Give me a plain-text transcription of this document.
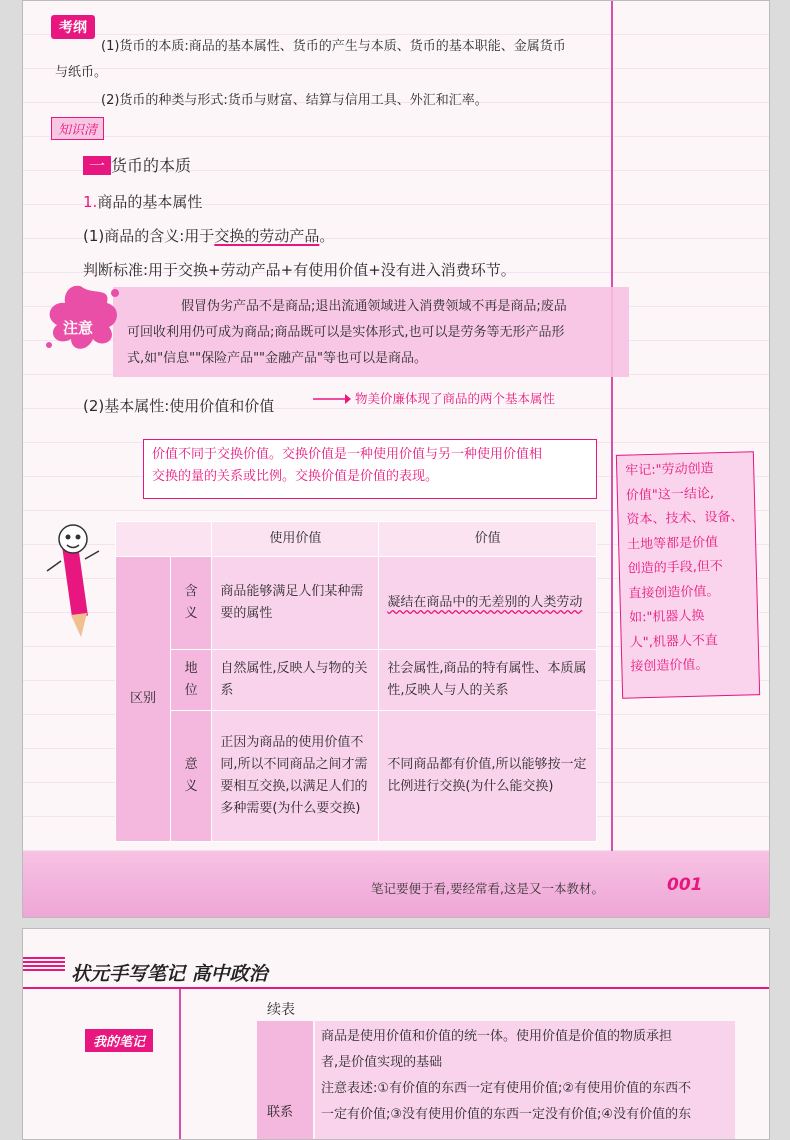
考纲
(1)货币的本质:商品的基本属性、货币的产生与本质、货币的基本职能、金属货币
与纸币。
(2)货币的种类与形式:货币与财富、结算与信用工具、外汇和汇率。
知识清
一 货币的本质
1.商品的基本属性
(1)商品的含义:用于交换的劳动产品。
判断标准:用于交换+劳动产品+有使用价值+没有进入消费环节。
注意
假冒伪劣产品不是商品;退出流通领域进入消费领域不再是商品;废品
可回收利用仍可成为商品;商品既可以是实体形式,也可以是劳务等无形产品形
式,如"信息""保险产品""金融产品"等也可以是商品。
(2)基本属性:使用价值和价值	物美价廉体现了商品的两个基本属性
价值不同于交换价值。交换价值是一种使用价值与另一种使用价值相
交换的量的关系或比例。交换价值是价值的表现。	牢记:"劳动创造
价值"这一结论,
资本、技术、设备、
土地等都是价值
创造的手段,但不
直接创造价值。
如:"机器人换
人",机器人不直
接创造价值。
		使用价值	价值
区别	含义	商品能够满足人们某种需要的属性	凝结在商品中的无差别的人类劳动
	地位	自然属性,反映人与物的关系	社会属性,商品的特有属性、本质属性,反映人与人的关系
	意义	正因为商品的使用价值不同,所以不同商品之间才需要相互交换,以满足人们的多种需要(为什么要交换)	不同商品都有价值,所以能够按一定比例进行交换(为什么能交换)
笔记要便于看,要经常看,这是又一本教材。	001
状元手写笔记 高中政治
我的笔记
续表
联系
商品是使用价值和价值的统一体。使用价值是价值的物质承担
者,是价值实现的基础
注意表述:①有价值的东西一定有使用价值;②有使用价值的东西不
一定有价值;③没有使用价值的东西一定没有价值;④没有价值的东
